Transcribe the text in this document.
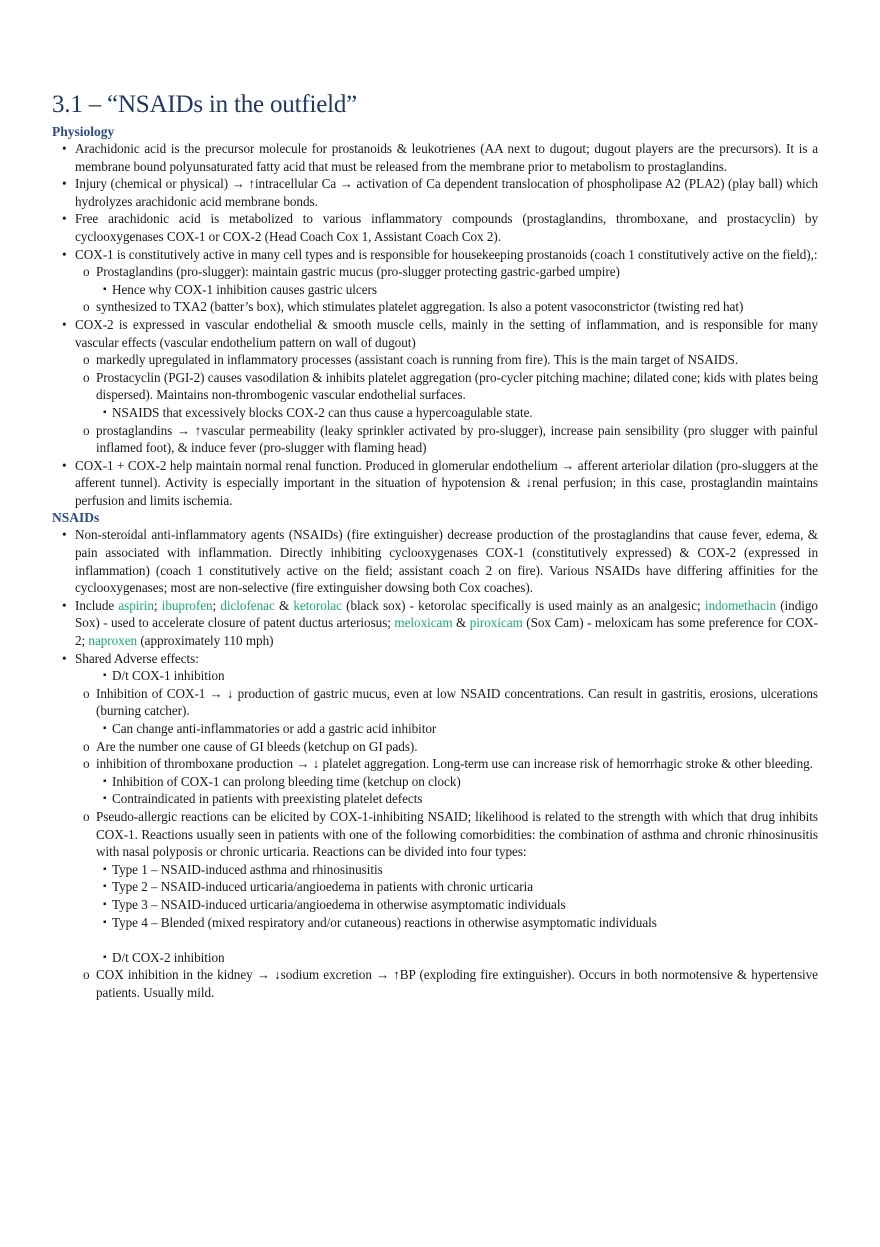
3.1 – “NSAIDs in the outfield”
Physiology
• Arachidonic acid is the precursor molecule for prostanoids & leukotrienes (AA next to dugout; dugout players are the precursors). It is a membrane bound polyunsaturated fatty acid that must be released from the membrane prior to metabolism to prostaglandins.
• Injury (chemical or physical) → ↑intracellular Ca → activation of Ca dependent translocation of phospholipase A2 (PLA2) (play ball) which hydrolyzes arachidonic acid membrane bonds.
• Free arachidonic acid is metabolized to various inflammatory compounds (prostaglandins, thromboxane, and prostacyclin) by cyclooxygenases COX-1 or COX-2 (Head Coach Cox 1, Assistant Coach Cox 2).
• COX-1 is constitutively active in many cell types and is responsible for housekeeping prostanoids (coach 1 constitutively active on the field),:
o Prostaglandins (pro-slugger): maintain gastric mucus (pro-slugger protecting gastric-garbed umpire)
▪ Hence why COX-1 inhibition causes gastric ulcers
o synthesized to TXA2 (batter’s box), which stimulates platelet aggregation. Is also a potent vasoconstrictor (twisting red hat)
• COX-2 is expressed in vascular endothelial & smooth muscle cells, mainly in the setting of inflammation, and is responsible for many vascular effects (vascular endothelium pattern on wall of dugout)
o markedly upregulated in inflammatory processes (assistant coach is running from fire). This is the main target of NSAIDS.
o Prostacyclin (PGI-2) causes vasodilation & inhibits platelet aggregation (pro-cycler pitching machine; dilated cone; kids with plates being dispersed). Maintains non-thrombogenic vascular endothelial surfaces.
▪ NSAIDS that excessively blocks COX-2 can thus cause a hypercoagulable state.
o prostaglandins → ↑vascular permeability (leaky sprinkler activated by pro-slugger), increase pain sensibility (pro slugger with painful inflamed foot), & induce fever (pro-slugger with flaming head)
• COX-1 + COX-2 help maintain normal renal function. Produced in glomerular endothelium → afferent arteriolar dilation (pro-sluggers at the afferent tunnel). Activity is especially important in the situation of hypotension & ↓renal perfusion; in this case, prostaglandin maintains perfusion and limits ischemia.
NSAIDs
• Non-steroidal anti-inflammatory agents (NSAIDs) (fire extinguisher) decrease production of the prostaglandins that cause fever, edema, & pain associated with inflammation. Directly inhibiting cyclooxygenases COX-1 (constitutively expressed) & COX-2 (expressed in inflammation) (coach 1 constitutively active on the field; assistant coach 2 on fire). Various NSAIDs have differing affinities for the cyclooxygenases; most are non-selective (fire extinguisher dowsing both Cox coaches).
• Include aspirin; ibuprofen; diclofenac & ketorolac (black sox) - ketorolac specifically is used mainly as an analgesic; indomethacin (indigo Sox) - used to accelerate closure of patent ductus arteriosus; meloxicam & piroxicam (Sox Cam) - meloxicam has some preference for COX-2; naproxen (approximately 110 mph)
• Shared Adverse effects:
▪ D/t COX-1 inhibition
o Inhibition of COX-1 → ↓ production of gastric mucus, even at low NSAID concentrations. Can result in gastritis, erosions, ulcerations (burning catcher).
▪ Can change anti-inflammatories or add a gastric acid inhibitor
o Are the number one cause of GI bleeds (ketchup on GI pads).
o inhibition of thromboxane production → ↓ platelet aggregation. Long-term use can increase risk of hemorrhagic stroke & other bleeding.
▪ Inhibition of COX-1 can prolong bleeding time (ketchup on clock)
▪ Contraindicated in patients with preexisting platelet defects
o Pseudo-allergic reactions can be elicited by COX-1-inhibiting NSAID; likelihood is related to the strength with which that drug inhibits COX-1. Reactions usually seen in patients with one of the following comorbidities: the combination of asthma and chronic rhinosinusitis with nasal polyposis or chronic urticaria. Reactions can be divided into four types:
▪ Type 1 – NSAID-induced asthma and rhinosinusitis
▪ Type 2 – NSAID-induced urticaria/angioedema in patients with chronic urticaria
▪ Type 3 – NSAID-induced urticaria/angioedema in otherwise asymptomatic individuals
▪ Type 4 – Blended (mixed respiratory and/or cutaneous) reactions in otherwise asymptomatic individuals
▪ D/t COX-2 inhibition
o COX inhibition in the kidney → ↓sodium excretion → ↑BP (exploding fire extinguisher). Occurs in both normotensive & hypertensive patients. Usually mild.
